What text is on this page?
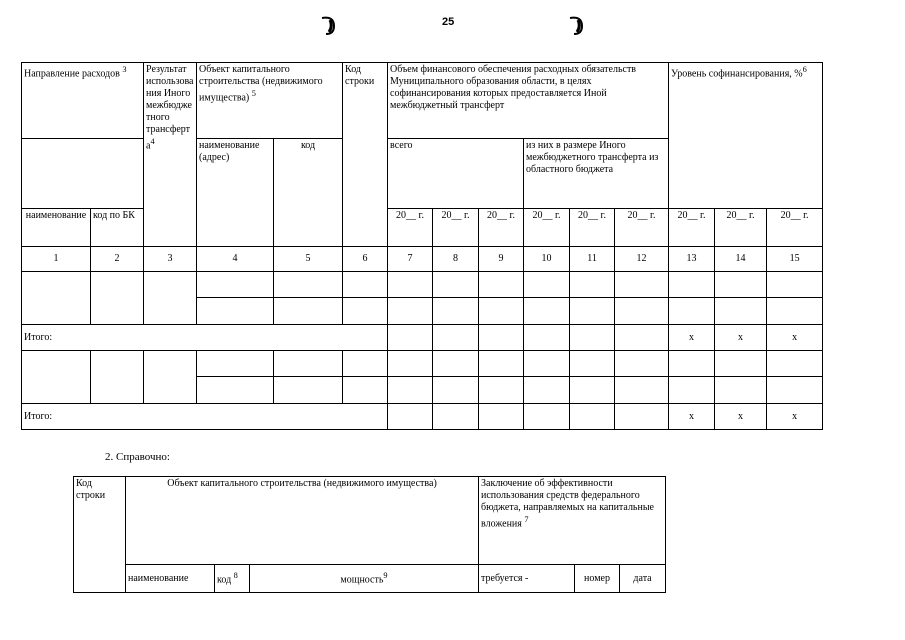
25
Направление расходов $^3$		Результат использования Иного межбюджетного трансферта$^4$	Объект капитального строительства (недвижимого имущества) $^5$		Код строки	Объем финансового обеспечения расходных обязательств Муниципального образования области, в целях софинансирования которых предоставляется Иной межбюджетный трансферт						Уровень софинансирования, %$^6$
			наименование (адрес)	код		всего			из них в размере Иного межбюджетного трансферта из областного бюджета					
наименование	код по БК					20__ г.	20__ г.	20__ г.	20__ г.	20__ г.	20__ г.	20__ г.	20__ г.	20__ г.
1	2	3	4	5	6	7	8	9	10	11	12	13	14	15

Итого:												x	x	x

Итого:												x	x	x
2. Справочно:
Код строки	Объект капитального строительства (недвижимого имущества)			Заключение об эффективности использования средств федерального бюджета, направляемых на капитальные вложения $^7$
	наименование	код $^8$	мощность$^9$	требуется -	номер	дата
